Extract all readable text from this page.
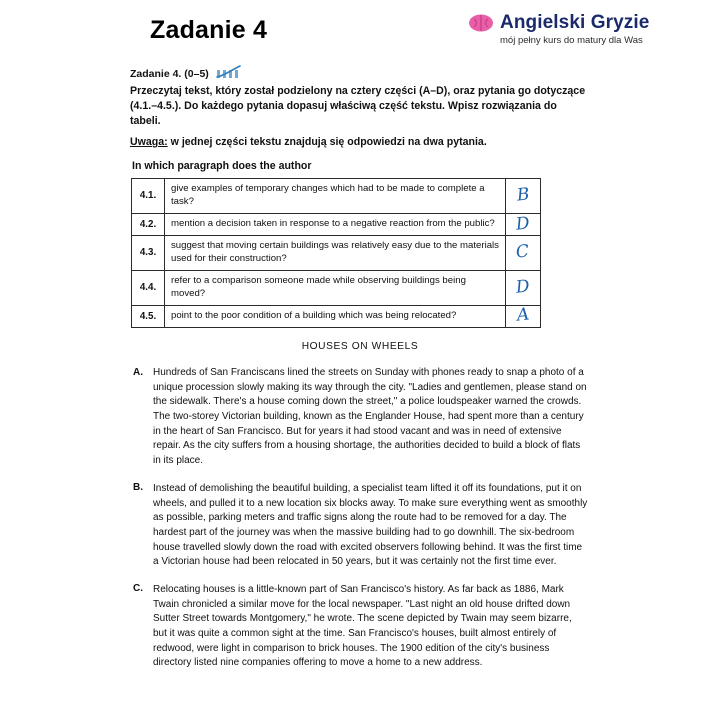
Zadanie 4	Angielski Gryzie
mój pełny kurs do matury dla Was
Zadanie 4. (0–5)
Przeczytaj tekst, który został podzielony na cztery części (A–D), oraz pytania go dotyczące (4.1.–4.5.). Do każdego pytania dopasuj właściwą część tekstu. Wpisz rozwiązania do tabeli.
Uwaga: w jednej części tekstu znajdują się odpowiedzi na dwa pytania.
In which paragraph does the author
4.1.	give examples of temporary changes which had to be made to complete a task?	B
4.2.	mention a decision taken in response to a negative reaction from the public?	D
4.3.	suggest that moving certain buildings was relatively easy due to the materials used for their construction?	C
4.4.	refer to a comparison someone made while observing buildings being moved?	D
4.5.	point to the poor condition of a building which was being relocated?	A
HOUSES ON WHEELS
A.	Hundreds of San Franciscans lined the streets on Sunday with phones ready to snap a photo of a unique procession slowly making its way through the city. "Ladies and gentlemen, please stand on the sidewalk. There's a house coming down the street," a police loudspeaker warned the crowds. The two-storey Victorian building, known as the Englander House, had spent more than a century in the heart of San Francisco. But for years it had stood vacant and was in need of extensive repair. As the city suffers from a housing shortage, the authorities decided to build a block of flats in its place.
B.	Instead of demolishing the beautiful building, a specialist team lifted it off its foundations, put it on wheels, and pulled it to a new location six blocks away. To make sure everything went as smoothly as possible, parking meters and traffic signs along the route had to be removed for a day. The hardest part of the journey was when the massive building had to go downhill. The six-bedroom house travelled slowly down the road with excited observers following behind. It was the first time a Victorian house had been relocated in 50 years, but it was certainly not the first time ever.
C.	Relocating houses is a little-known part of San Francisco's history. As far back as 1886, Mark Twain chronicled a similar move for the local newspaper. "Last night an old house drifted down Sutter Street towards Montgomery," he wrote. The scene depicted by Twain may seem bizarre, but it was quite a common sight at the time. San Francisco's houses, built almost entirely of redwood, were light in comparison to brick houses. The 1900 edition of the city's business directory listed nine companies offering to move a home to a new address.
